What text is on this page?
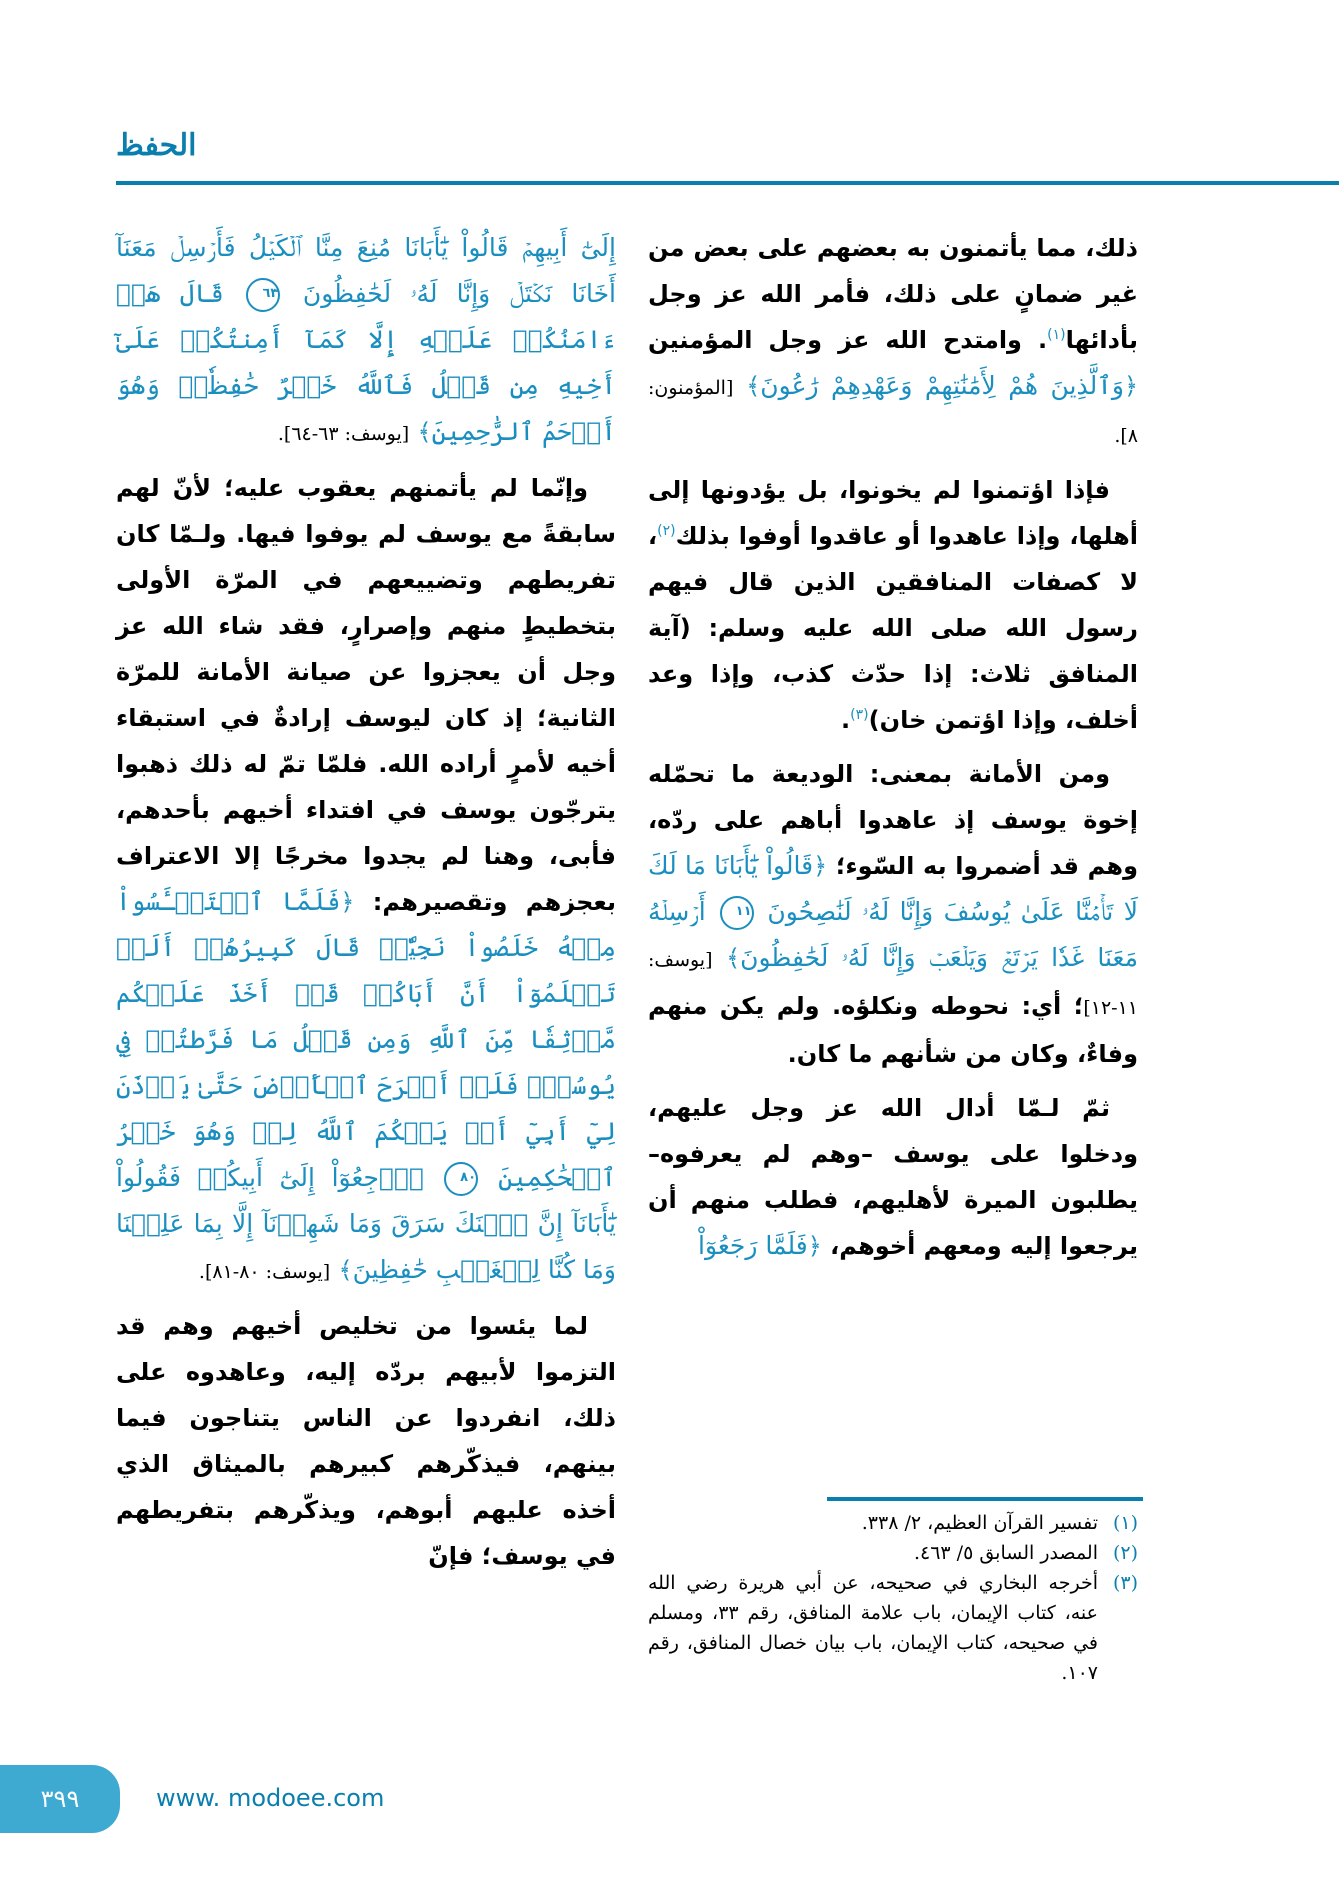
الحفظ

ذلك، مما يأتمنون به بعضهم على بعض من غير ضمانٍ على ذلك، فأمر الله عز وجل بأدائها$^{(١)}$. وامتدح الله عز وجل المؤمنين ﴿وَٱلَّذِينَ هُمْ لِأَمَٰنَٰتِهِمْ وَعَهْدِهِمْ رَٰعُونَ﴾ [المؤمنون: ٨].

فإذا اؤتمنوا لم يخونوا، بل يؤدونها إلى أهلها، وإذا عاهدوا أو عاقدوا أوفوا بذلك$^{(٢)}$، لا كصفات المنافقين الذين قال فيهم رسول الله صلى الله عليه وسلم: (آية المنافق ثلاث: إذا حدّث كذب، وإذا وعد أخلف، وإذا اؤتمن خان)$^{(٣)}$.

ومن الأمانة بمعنى: الوديعة ما تحمّله إخوة يوسف إذ عاهدوا أباهم على ردّه، وهم قد أضمروا به السّوء؛ ﴿قَالُواْ يَٰٓأَبَانَا مَا لَكَ لَا تَأۡمَ۬نَّا عَلَىٰ يُوسُفَ وَإِنَّا لَهُۥ لَنَٰصِحُونَ ١١ أَرۡسِلۡهُ مَعَنَا غَدٗا يَرۡتَعۡ وَيَلۡعَبۡ وَإِنَّا لَهُۥ لَحَٰفِظُونَ﴾ [يوسف: ١١-١٢]؛ أي: نحوطه ونكلؤه. ولم يكن منهم وفاءٌ، وكان من شأنهم ما كان.

ثمّ لـمّا أدال الله عز وجل عليهم، ودخلوا على يوسف –وهم لم يعرفوه– يطلبون الميرة لأهليهم، فطلب منهم أن يرجعوا إليه ومعهم أخوهم، ﴿فَلَمَّا رَجَعُوٓاْ

إِلَىٰٓ أَبِيهِمۡ قَالُواْ يَٰٓأَبَانَا مُنِعَ مِنَّا ٱلۡكَيۡلُ فَأَرۡسِلۡ مَعَنَآ أَخَانَا نَكۡتَلۡ وَإِنَّا لَهُۥ لَحَٰفِظُونَ ٦٣ قَالَ هَلۡ ءَامَنُكُمۡ عَلَيۡهِ إِلَّا كَمَآ أَمِنتُكُمۡ عَلَىٰٓ أَخِيهِ مِن قَبۡلُ فَٱللَّهُ خَيۡرٌ حَٰفِظٗاۖ وَهُوَ أَرۡحَمُ ٱلرَّٰحِمِينَ﴾ [يوسف: ٦٣-٦٤].

وإنّما لم يأتمنهم يعقوب عليه؛ لأنّ لهم سابقةً مع يوسف لم يوفوا فيها. ولـمّا كان تفريطهم وتضييعهم في المرّة الأولى بتخطيطٍ منهم وإصرارٍ، فقد شاء الله عز وجل أن يعجزوا عن صيانة الأمانة للمرّة الثانية؛ إذ كان ليوسف إرادةٌ في استبقاء أخيه لأمرٍ أراده الله. فلمّا تمّ له ذلك ذهبوا يترجّون يوسف في افتداء أخيهم بأحدهم، فأبى، وهنا لم يجدوا مخرجًا إلا الاعتراف بعجزهم وتقصيرهم: ﴿فَلَمَّا ٱسۡتَيۡـَٔسُواْ مِنۡهُ خَلَصُواْ نَجِيّٗاۖ قَالَ كَبِيرُهُمۡ أَلَمۡ تَعۡلَمُوٓاْ أَنَّ أَبَاكُمۡ قَدۡ أَخَذَ عَلَيۡكُم مَّوۡثِقٗا مِّنَ ٱللَّهِ وَمِن قَبۡلُ مَا فَرَّطتُمۡ فِي يُوسُفَۖ فَلَنۡ أَبۡرَحَ ٱلۡأَرۡضَ حَتَّىٰ يَأۡذَنَ لِيٓ أَبِيٓ أَوۡ يَحۡكُمَ ٱللَّهُ لِيۖ وَهُوَ خَيۡرُ ٱلۡحَٰكِمِينَ ٨٠ ٱرۡجِعُوٓاْ إِلَىٰٓ أَبِيكُمۡ فَقُولُواْ يَٰٓأَبَانَآ إِنَّ ٱبۡنَكَ سَرَقَ وَمَا شَهِدۡنَآ إِلَّا بِمَا عَلِمۡنَا وَمَا كُنَّا لِلۡغَيۡبِ حَٰفِظِينَ﴾ [يوسف: ٨٠-٨١].

لما يئسوا من تخليص أخيهم وهم قد التزموا لأبيهم بردّه إليه، وعاهدوه على ذلك، انفردوا عن الناس يتناجون فيما بينهم، فيذكّرهم كبيرهم بالميثاق الذي أخذه عليهم أبوهم، ويذكّرهم بتفريطهم في يوسف؛ فإنّ

(١)
تفسير القرآن العظيم، ٢/ ٣٣٨.

(٢)
المصدر السابق ٥/ ٤٦٣.

(٣)
أخرجه البخاري في صحيحه، عن أبي هريرة رضي الله عنه، كتاب الإيمان، باب علامة المنافق، رقم ٣٣، ومسلم في صحيحه، كتاب الإيمان، باب بيان خصال المنافق، رقم ١٠٧.

٣٩٩	www. modoee.com
